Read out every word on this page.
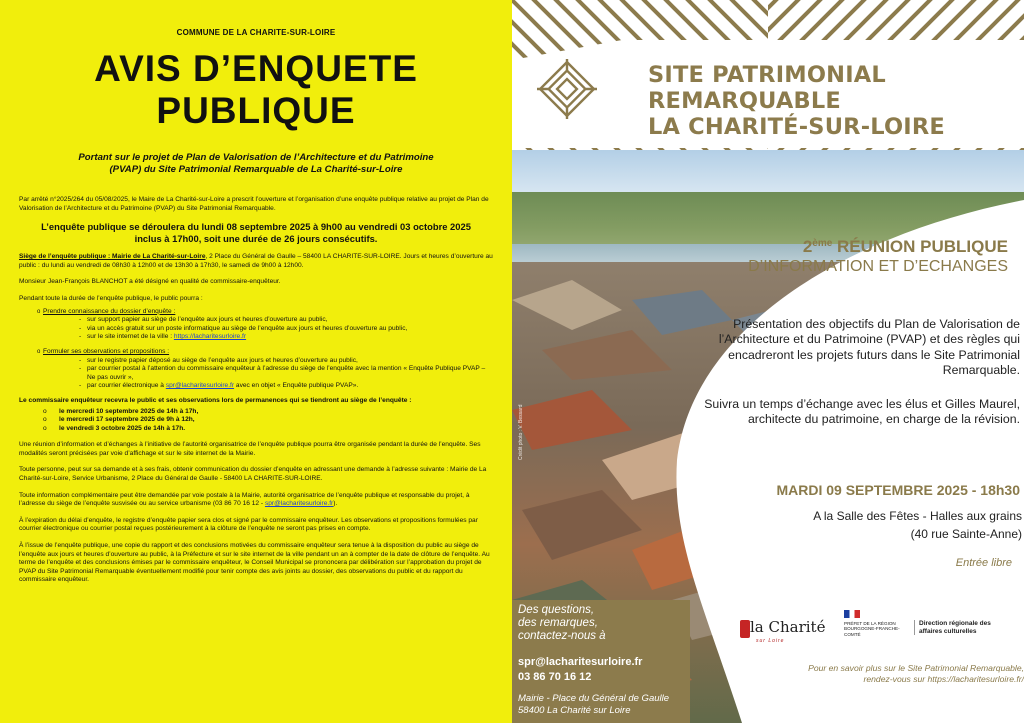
COMMUNE DE LA CHARITE-SUR-LOIRE
AVIS D’ENQUETE
PUBLIQUE
Portant sur le projet de Plan de Valorisation de l’Architecture et du Patrimoine
(PVAP) du Site Patrimonial Remarquable de La Charité-sur-Loire

Par arrêté n°2025/264 du 05/08/2025, le Maire de La Charité-sur-Loire a prescrit l’ouverture et l’organisation d’une enquête publique relative au projet de Plan de Valorisation de l’Architecture et du Patrimoine (PVAP) du Site Patrimonial Remarquable.

L’enquête publique se déroulera du lundi 08 septembre 2025 à 9h00 au vendredi 03 octobre 2025
inclus à 17h00, soit une durée de 26 jours consécutifs.

Siège de l’enquête publique : Mairie de La Charité-sur-Loire, 2 Place du Général de Gaulle – 58400 LA CHARITE-SUR-LOIRE. Jours et heures d’ouverture au public : du lundi au vendredi de 08h30 à 12h00 et de 13h30 à 17h30, le samedi de 9h00 à 12h00.

Monsieur Jean-François BLANCHOT a été désigné en qualité de commissaire-enquêteur.

Pendant toute la durée de l’enquête publique, le public pourra :

o Prendre connaissance du dossier d’enquête :
- sur support papier au siège de l’enquête aux jours et heures d’ouverture au public,
- via un accès gratuit sur un poste informatique au siège de l’enquête aux jours et heures d’ouverture au public,
- sur le site internet de la ville : https://lacharitesurloire.fr
o Formuler ses observations et propositions :
- sur le registre papier déposé au siège de l’enquête aux jours et heures d’ouverture au public,
- par courrier postal à l’attention du commissaire enquêteur à l’adresse du siège de l’enquête avec la mention « Enquête Publique PVAP – Ne pas ouvrir »,
- par courrier électronique à spr@lacharitesurloire.fr avec en objet « Enquête publique PVAP».

Le commissaire enquêteur recevra le public et ses observations lors de permanences qui se tiendront au siège de l’enquête :

o le mercredi 10 septembre 2025 de 14h à 17h,
o le mercredi 17 septembre 2025 de 9h à 12h,
o le vendredi 3 octobre 2025 de 14h à 17h.

Une réunion d’information et d’échanges à l’initiative de l’autorité organisatrice de l’enquête publique pourra être organisée pendant la durée de l’enquête. Ses modalités seront précisées par voie d’affichage et sur le site internet de la Mairie.

Toute personne, peut sur sa demande et à ses frais, obtenir communication du dossier d’enquête en adressant une demande à l’adresse suivante : Mairie de La Charité-sur-Loire, Service Urbanisme, 2 Place du Général de Gaulle - 58400 LA CHARITE-SUR-LOIRE.

Toute information complémentaire peut être demandée par voie postale à la Mairie, autorité organisatrice de l’enquête publique et responsable du projet, à l’adresse du siège de l’enquête susvisée ou au service urbanisme (03 86 70 16 12 - spr@lacharitesurloire.fr).

À l’expiration du délai d’enquête, le registre d’enquête papier sera clos et signé par le commissaire enquêteur. Les observations et propositions formulées par courrier électronique ou courrier postal reçues postérieurement à la clôture de l’enquête ne seront pas prises en compte.

À l’issue de l’enquête publique, une copie du rapport et des conclusions motivées du commissaire enquêteur sera tenue à la disposition du public au siège de l’enquête aux jours et heures d’ouverture au public, à la Préfecture et sur le site internet de la ville pendant un an à compter de la date de clôture de l’enquête. Au terme de l’enquête et des conclusions émises par le commissaire enquêteur, le Conseil Municipal se prononcera par délibération sur l’approbation du projet de PVAP du Site Patrimonial Remarquable éventuellement modifié pour tenir compte des avis joints au dossier, des observations du public et du rapport du commissaire enquêteur.

SITE PATRIMONIAL
REMARQUABLE
LA CHARITÉ-SUR-LOIRE
2ème RÉUNION PUBLIQUE
D’INFORMATION ET D’ECHANGES
Présentation des objectifs du Plan de Valorisation de l’Architecture et du Patrimoine (PVAP) et des règles qui encadreront les projets futurs dans le Site Patrimonial Remarquable.
Suivra un temps d’échange avec les élus et Gilles Maurel, architecte du patrimoine, en charge de la révision.
MARDI 09 SEPTEMBRE 2025 - 18h30
A la Salle des Fêtes - Halles aux grains
(40 rue Sainte-Anne)
Entrée libre
Crédit photo : V. Bessard
Des questions,
des remarques,
contactez-nous à
spr@lacharitesurloire.fr
03 86 70 16 12
Mairie - Place du Général de Gaulle
58400 La Charité sur Loire
la Charité
sur Loire
PRÉFET DE LA RÉGION BOURGOGNE-FRANCHE-COMTÉ
Direction régionale des affaires culturelles
Pour en savoir plus sur le Site Patrimonial Remarquable,
rendez-vous sur https://lacharitesurloire.fr/
